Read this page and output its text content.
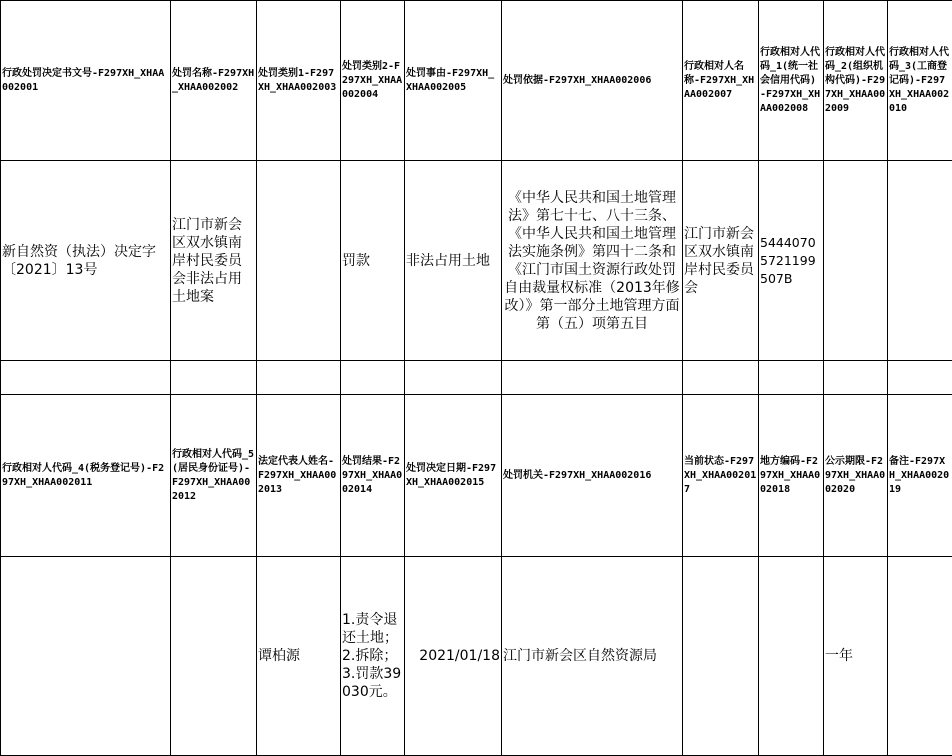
行政处罚决定书文号-F297XH_XHAA002001	处罚名称-F297XH_XHAA002002	处罚类别1-F297XH_XHAA002003	处罚类别2-F297XH_XHAA002004	处罚事由-F297XH_XHAA002005	处罚依据-F297XH_XHAA002006	行政相对人名称-F297XH_XHAA002007	行政相对人代码_1(统一社会信用代码)-F297XH_XHAA002008	行政相对人代码_2(组织机构代码)-F297XH_XHAA002009	行政相对人代码_3(工商登记码)-F297XH_XHAA002010
新自然资（执法）决定字〔2021〕13号	江门市新会区双水镇南岸村民委员会非法占用土地案		罚款	非法占用土地	《中华人民共和国土地管理法》第七十七、八十三条、《中华人民共和国土地管理法实施条例》第四十二条和《江门市国土资源行政处罚自由裁量权标准（2013年修改）》第一部分土地管理方面第（五）项第五目	江门市新会区双水镇南岸村民委员会	54440705721199507B		

行政相对人代码_4(税务登记号)-F297XH_XHAA002011	行政相对人代码_5(居民身份证号)-F297XH_XHAA002012	法定代表人姓名-F297XH_XHAA002013	处罚结果-F297XH_XHAA002014	处罚决定日期-F297XH_XHAA002015	处罚机关-F297XH_XHAA002016	当前状态-F297XH_XHAA002017	地方编码-F297XH_XHAA002018	公示期限-F297XH_XHAA002020	备注-F297XH_XHAA002019
		谭柏源	1.责令退还土地；2.拆除；3.罚款39030元。	2021/01/18	江门市新会区自然资源局			一年	
